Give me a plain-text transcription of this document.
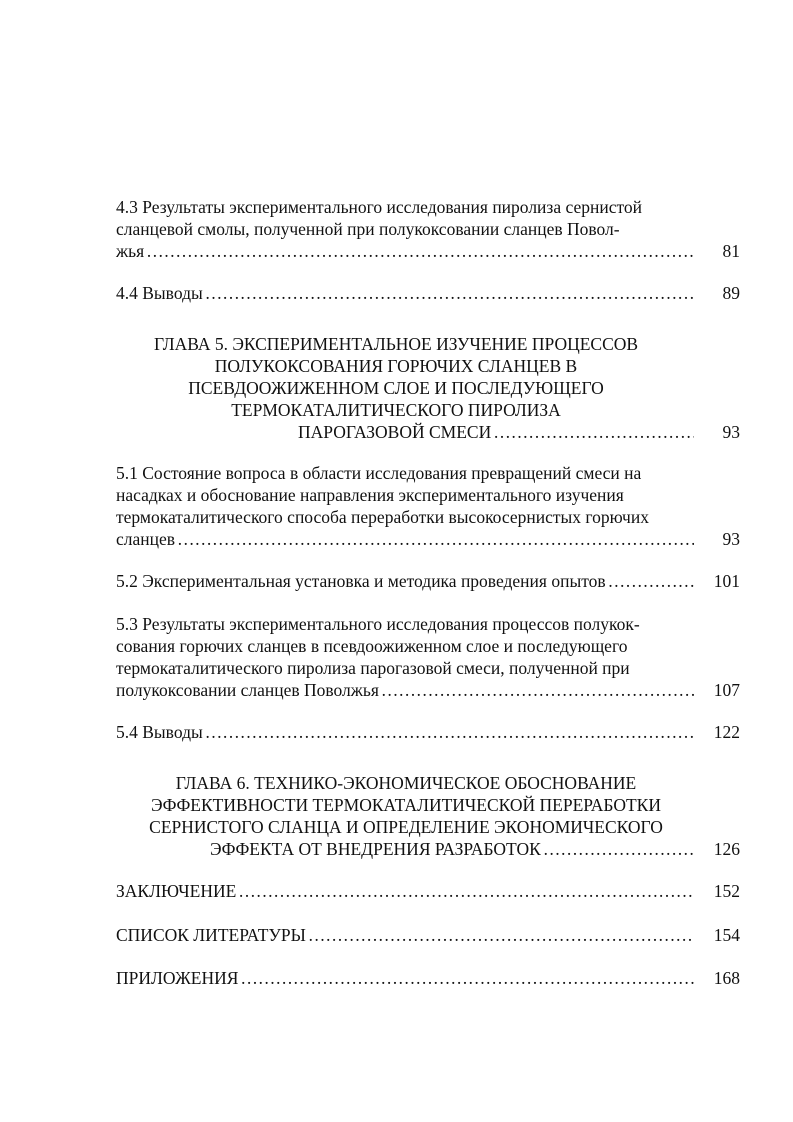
4.3 Результаты экспериментального исследования пиролиза сернистой
сланцевой смолы, полученной при полукоксовании сланцев Повол-
жья …………………………………………………………………………………………………………………………………………………………………	81
4.4 Выводы …………………………………………………………………………………………………………………………………………………………………	89
ГЛАВА 5. ЭКСПЕРИМЕНТАЛЬНОЕ ИЗУЧЕНИЕ ПРОЦЕССОВ
ПОЛУКОКСОВАНИЯ ГОРЮЧИХ СЛАНЦЕВ В
ПСЕВДООЖИЖЕННОМ СЛОЕ И ПОСЛЕДУЮЩЕГО
ТЕРМОКАТАЛИТИЧЕСКОГО ПИРОЛИЗА
ПАРОГАЗОВОЙ СМЕСИ …………………………………………………………………………………………………………………	93
5.1 Состояние вопроса в области исследования превращений смеси на
насадках и обоснование направления экспериментального изучения
термокаталитического способа переработки высокосернистых горючих
сланцев …………………………………………………………………………………………………………………………………………………………………	93
5.2 Экспериментальная установка и методика проведения опытов …………………………………………………………………………………………………………………………………………………………………	101
5.3 Результаты экспериментального исследования процессов полукок-
сования горючих сланцев в псевдоожиженном слое и последующего
термокаталитического пиролиза парогазовой смеси, полученной при
полукоксовании сланцев Поволжья …………………………………………………………………………………………………………………………………………………………………	107
5.4 Выводы …………………………………………………………………………………………………………………………………………………………………	122
ГЛАВА 6. ТЕХНИКО-ЭКОНОМИЧЕСКОЕ ОБОСНОВАНИЕ
ЭФФЕКТИВНОСТИ ТЕРМОКАТАЛИТИЧЕСКОЙ ПЕРЕРАБОТКИ
СЕРНИСТОГО СЛАНЦА И ОПРЕДЕЛЕНИЕ ЭКОНОМИЧЕСКОГО
ЭФФЕКТА ОТ ВНЕДРЕНИЯ РАЗРАБОТОК …………………………………………………………………………………………………………………	126
ЗАКЛЮЧЕНИЕ …………………………………………………………………………………………………………………………………………………………………	152
СПИСОК ЛИТЕРАТУРЫ …………………………………………………………………………………………………………………………………………………………………	154
ПРИЛОЖЕНИЯ …………………………………………………………………………………………………………………………………………………………………	168
